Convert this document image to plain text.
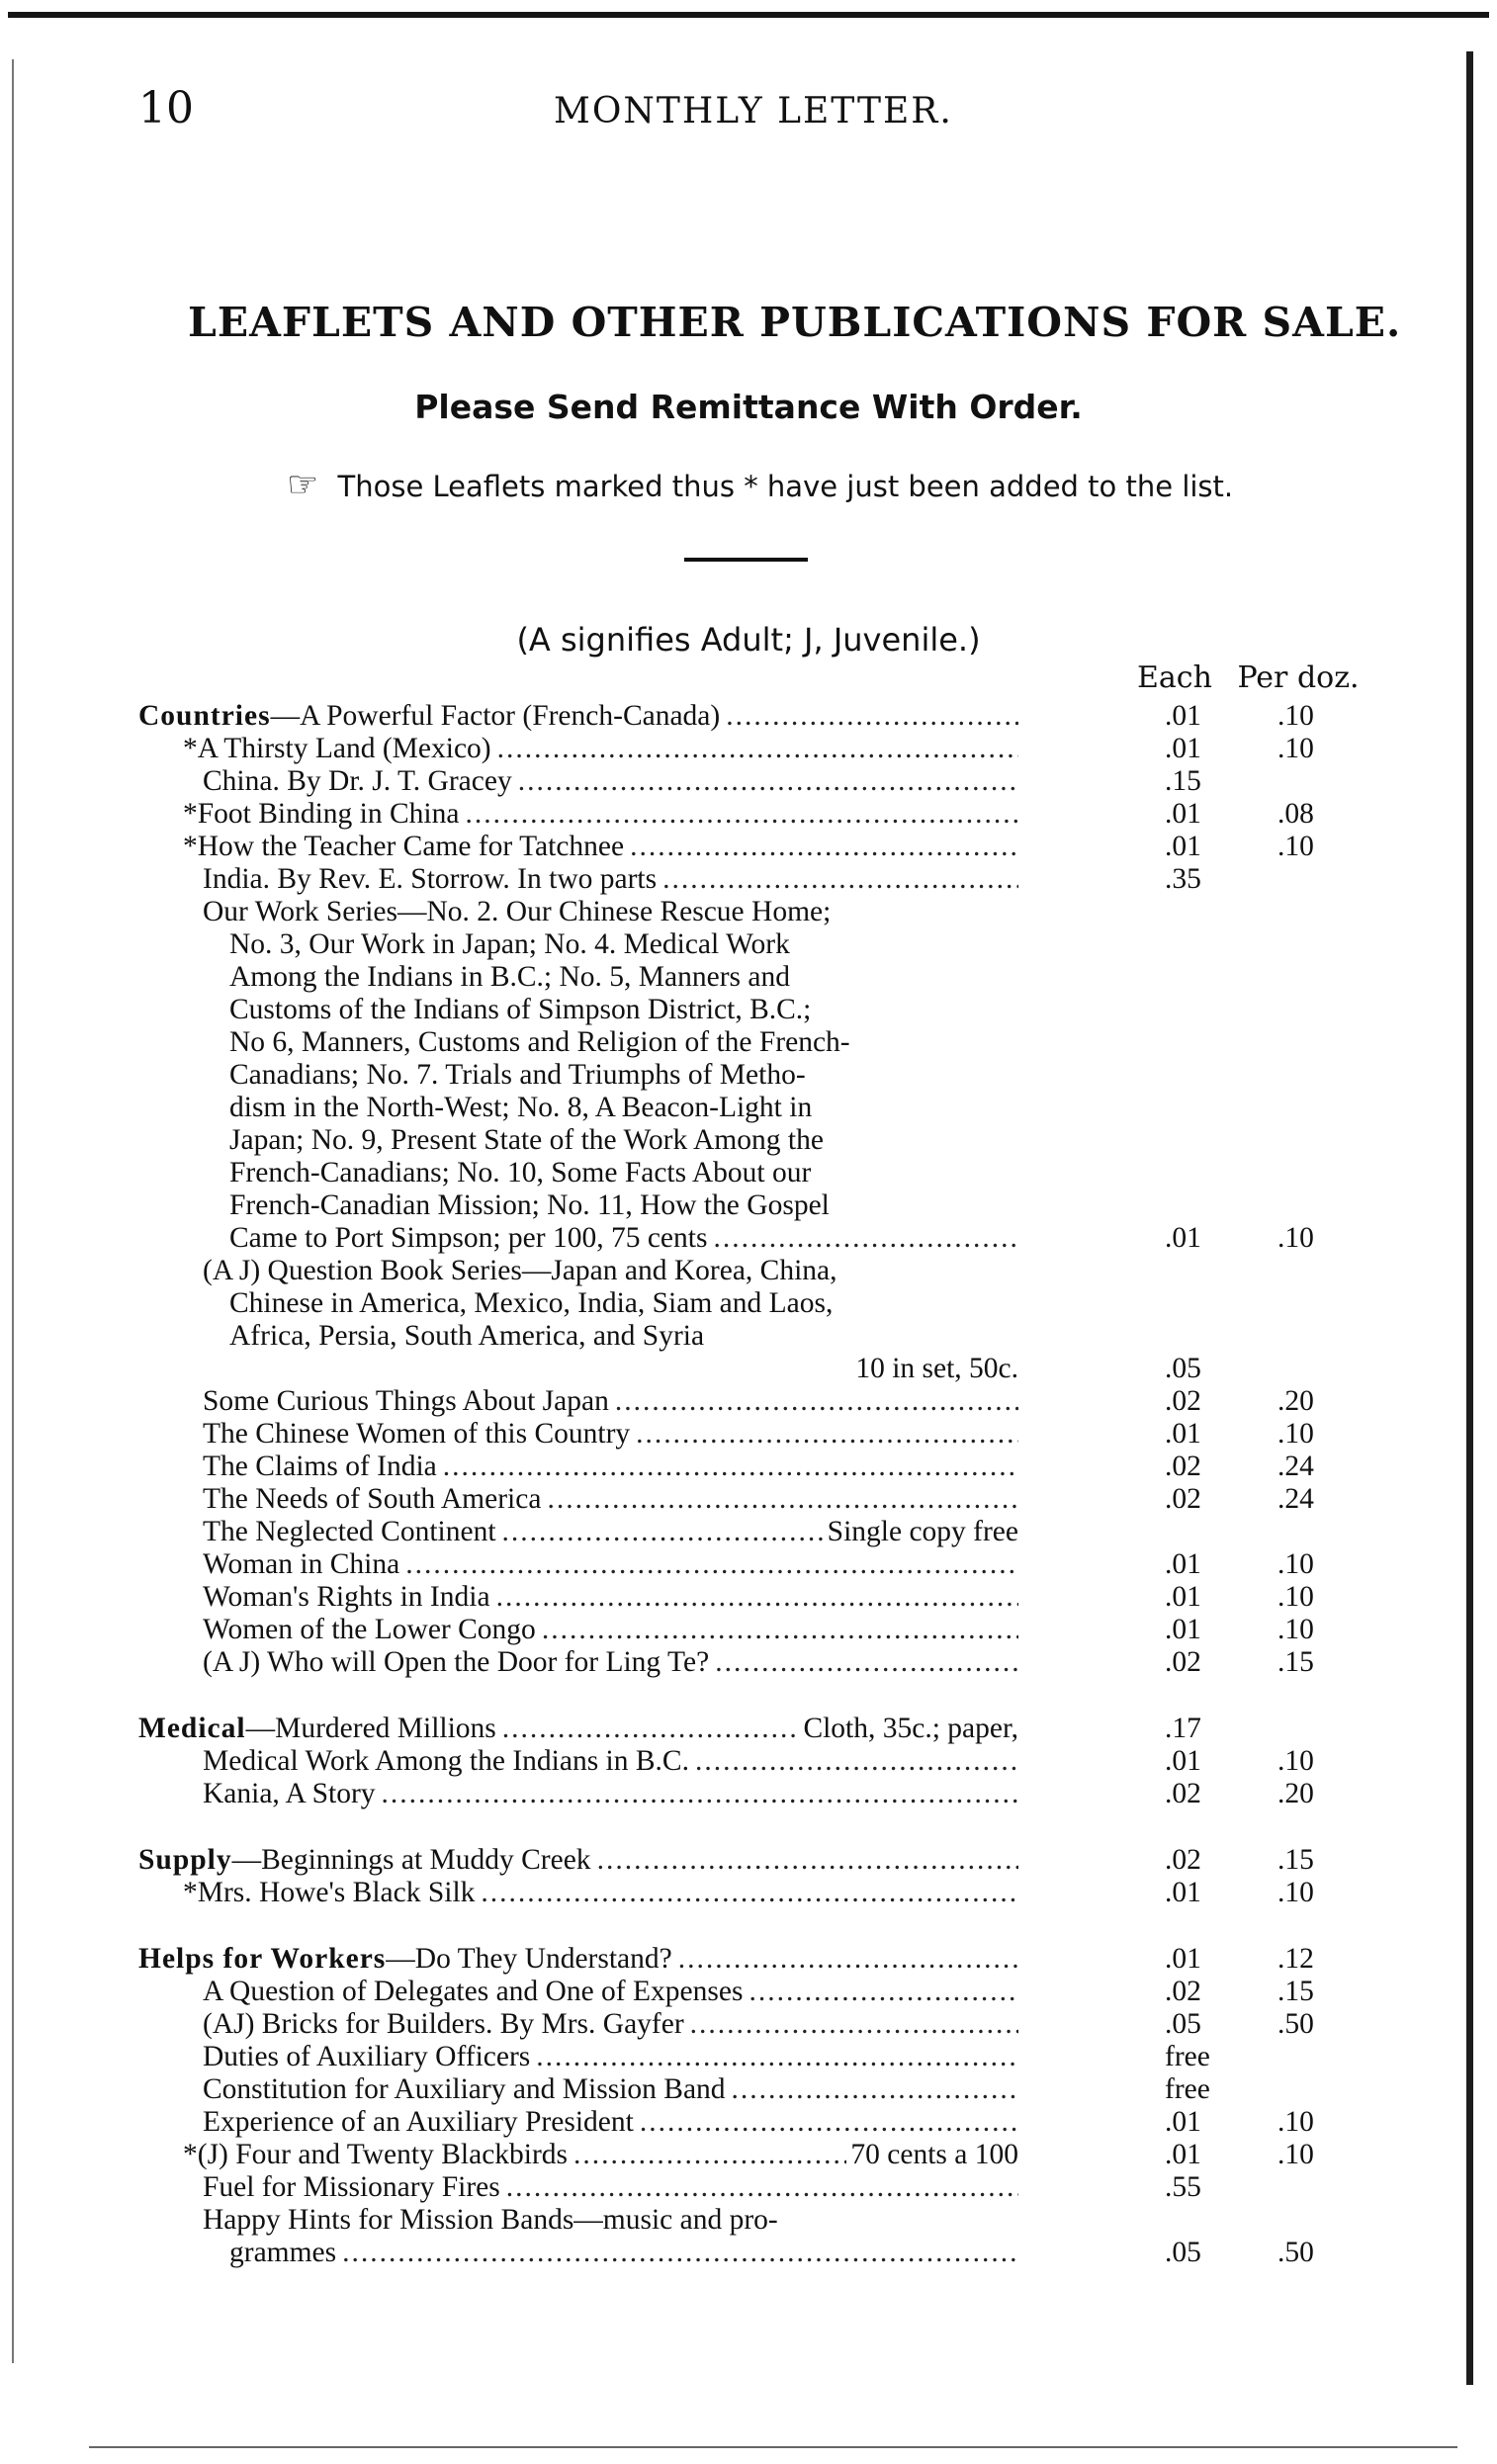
10	MONTHLY LETTER.
LEAFLETS AND OTHER PUBLICATIONS FOR SALE.
Please Send Remittance With Order.
☞ Those Leaflets marked thus * have just been added to the list.
(A signifies Adult; J, Juvenile.)
Each Per doz.
Countries — A Powerful Factor (French-Canada) .....	.01	.10
*A Thirsty Land (Mexico) .....	.01	.10
China. By Dr. J. T. Gracey .....	.15
*Foot Binding in China .....	.01	.08
*How the Teacher Came for Tatchnee .....	.01	.10
India. By Rev. E. Storrow. In two parts .....	.35
Our Work Series—No. 2. Our Chinese Rescue Home;
No. 3, Our Work in Japan; No. 4. Medical Work
Among the Indians in B.C.; No. 5, Manners and
Customs of the Indians of Simpson District, B.C.;
No 6, Manners, Customs and Religion of the French-
Canadians; No. 7. Trials and Triumphs of Metho-
dism in the North-West; No. 8, A Beacon-Light in
Japan; No. 9, Present State of the Work Among the
French-Canadians; No. 10, Some Facts About our
French-Canadian Mission; No. 11, How the Gospel
Came to Port Simpson; per 100, 75 cents .....	.01	.10
(A J) Question Book Series—Japan and Korea, China,
Chinese in America, Mexico, India, Siam and Laos,
Africa, Persia, South America, and Syria
10 in set, 50c.	.05
Some Curious Things About Japan .....	.02	.20
The Chinese Women of this Country .....	.01	.10
The Claims of India .....	.02	.24
The Needs of South America .....	.02	.24
The Neglected Continent .....	Single copy free
Woman in China .....	.01	.10
Woman's Rights in India .....	.01	.10
Women of the Lower Congo .....	.01	.10
(A J) Who will Open the Door for Ling Te? .....	.02	.15
Medical — Murdered Millions .....	Cloth, 35c.; paper,	.17
Medical Work Among the Indians in B.C. .....	.01	.10
Kania, A Story .....	.02	.20
Supply — Beginnings at Muddy Creek .....	.02	.15
*Mrs. Howe's Black Silk .....	.01	.10
Helps for Workers — Do They Understand? .....	.01	.12
A Question of Delegates and One of Expenses .....	.02	.15
(AJ) Bricks for Builders. By Mrs. Gayfer .....	.05	.50
Duties of Auxiliary Officers .....	free
Constitution for Auxiliary and Mission Band .....	free
Experience of an Auxiliary President .....	.01	.10
*(J) Four and Twenty Blackbirds .....	70 cents a 100	.01	.10
Fuel for Missionary Fires .....	.55
Happy Hints for Mission Bands—music and pro-
grammes .....	.05	.50
